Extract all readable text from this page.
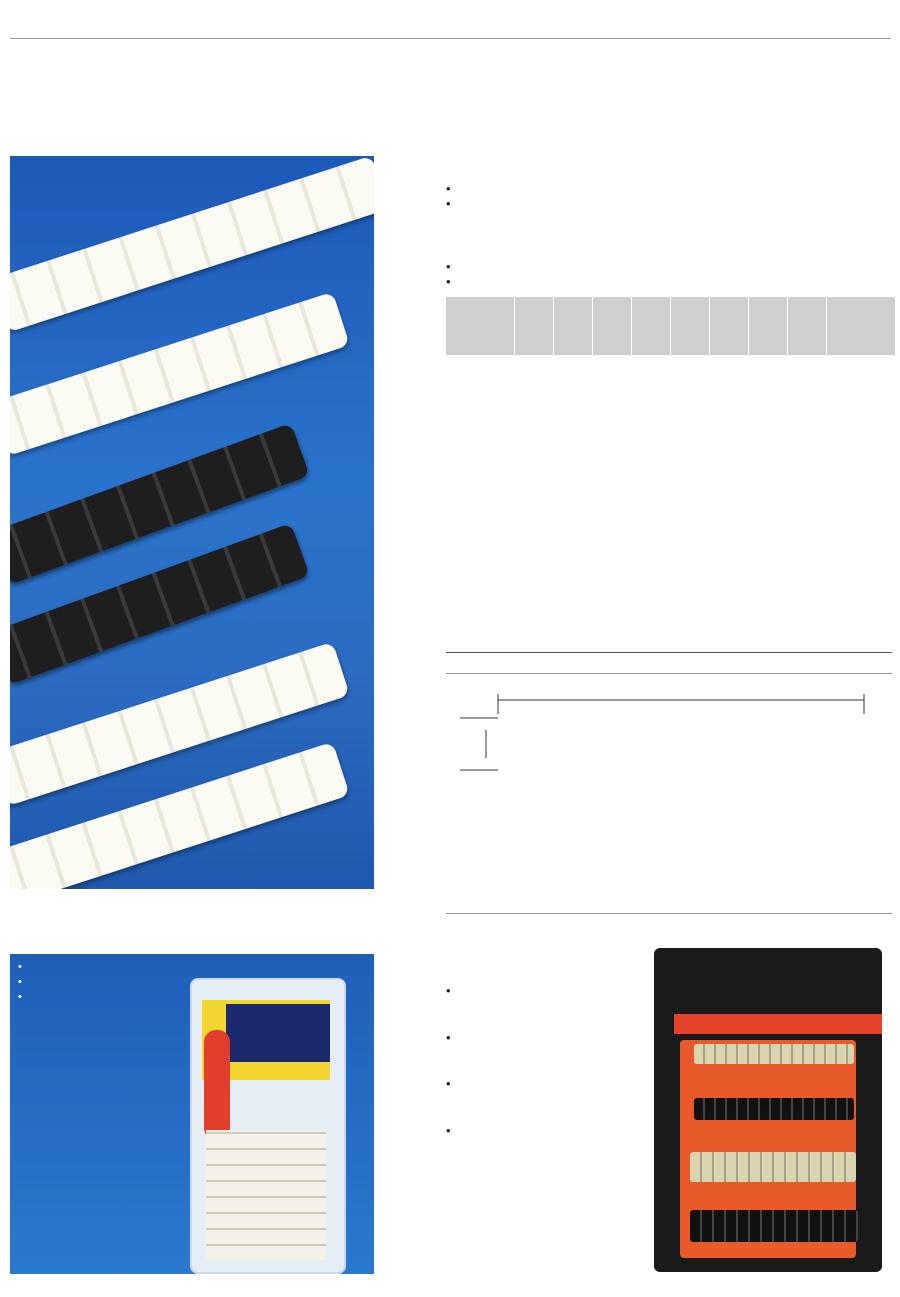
•
•
•
•

•
•
•

•

•

•

•
